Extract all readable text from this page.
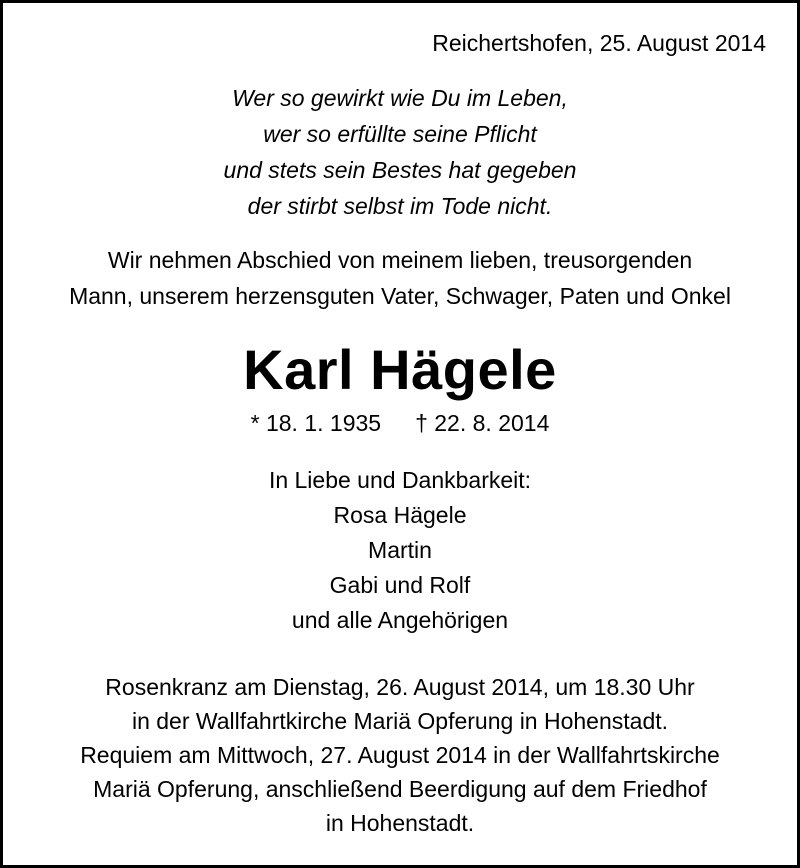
Reichertshofen, 25. August 2014
Wer so gewirkt wie Du im Leben,
wer so erfüllte seine Pflicht
und stets sein Bestes hat gegeben
der stirbt selbst im Tode nicht.
Wir nehmen Abschied von meinem lieben, treusorgenden
Mann, unserem herzensguten Vater, Schwager, Paten und Onkel
Karl Hägele
* 18. 1. 1935 † 22. 8. 2014
In Liebe und Dankbarkeit:
Rosa Hägele
Martin
Gabi und Rolf
und alle Angehörigen
Rosenkranz am Dienstag, 26. August 2014, um 18.30 Uhr
in der Wallfahrtkirche Mariä Opferung in Hohenstadt.
Requiem am Mittwoch, 27. August 2014 in der Wallfahrtskirche
Mariä Opferung, anschließend Beerdigung auf dem Friedhof
in Hohenstadt.
